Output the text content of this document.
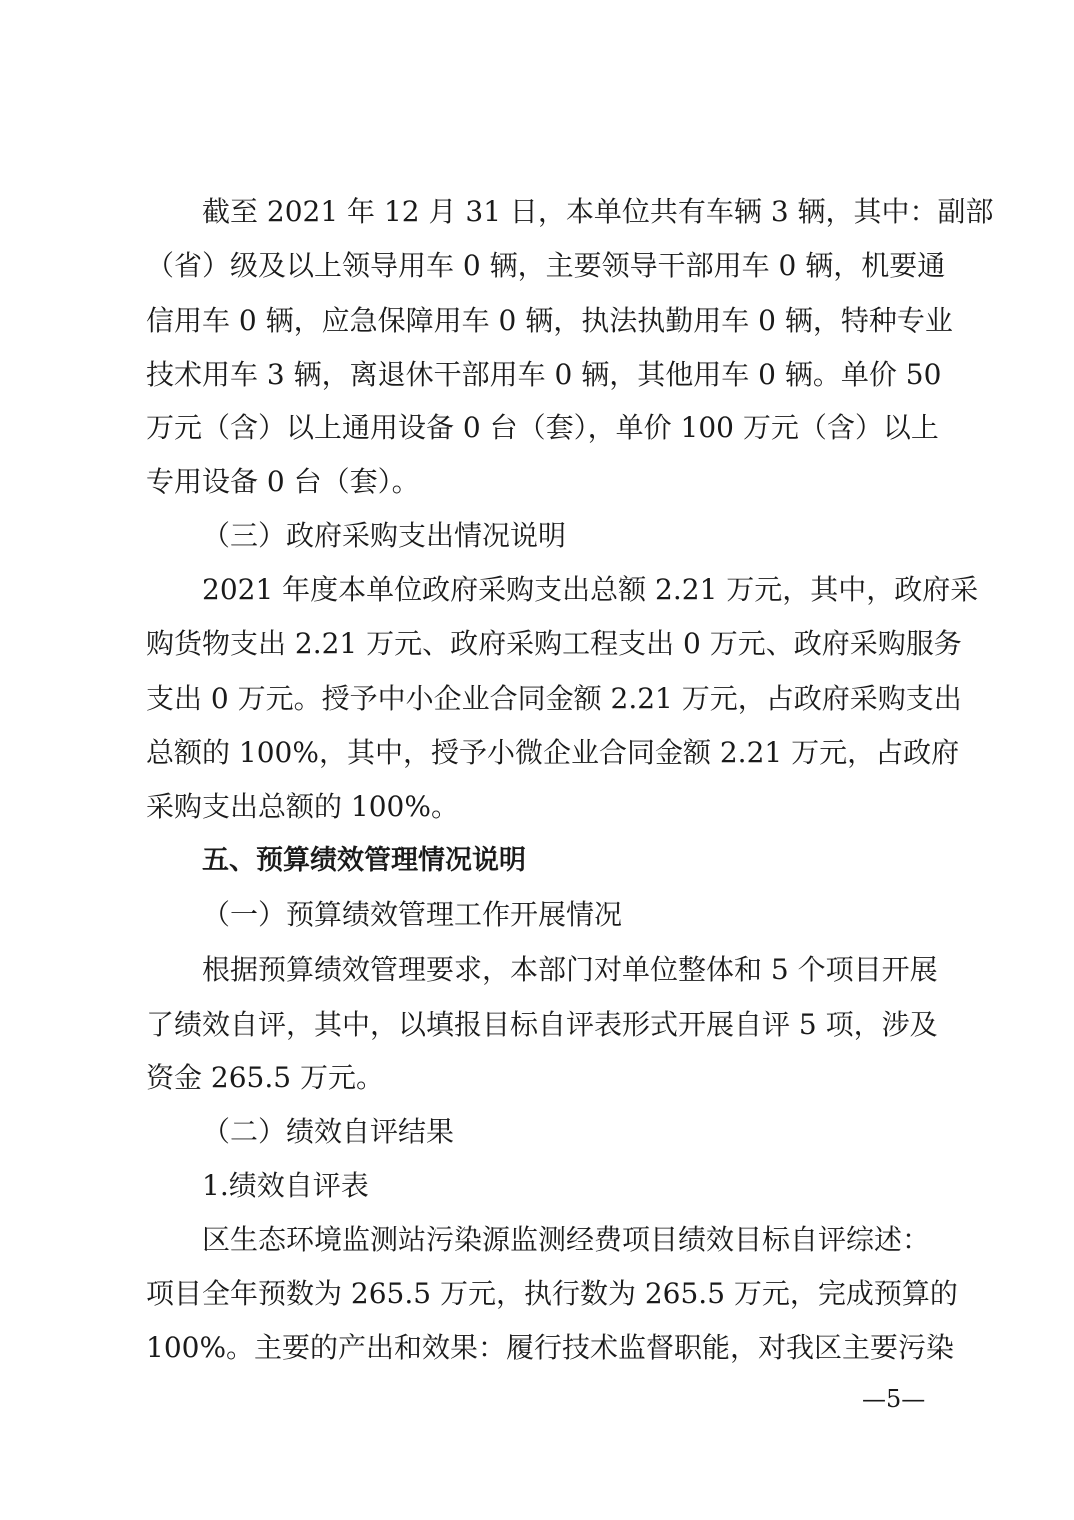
截至 2021 年 12 月 31 日，本单位共有车辆 3 辆，其中：副部
（省）级及以上领导用车 0 辆，主要领导干部用车 0 辆，机要通
信用车 0 辆，应急保障用车 0 辆，执法执勤用车 0 辆，特种专业
技术用车 3 辆，离退休干部用车 0 辆，其他用车 0 辆。单价 50
万元（含）以上通用设备 0 台（套），单价 100 万元（含）以上
专用设备 0 台（套）。
（三）政府采购支出情况说明
2021 年度本单位政府采购支出总额 2.21 万元，其中，政府采
购货物支出 2.21 万元、政府采购工程支出 0 万元、政府采购服务
支出 0 万元。授予中小企业合同金额 2.21 万元，占政府采购支出
总额的 100%，其中，授予小微企业合同金额 2.21 万元，占政府
采购支出总额的 100%。
五、预算绩效管理情况说明
（一）预算绩效管理工作开展情况
根据预算绩效管理要求，本部门对单位整体和 5 个项目开展
了绩效自评，其中，以填报目标自评表形式开展自评 5 项，涉及
资金 265.5 万元。
（二）绩效自评结果
1.绩效自评表
区生态环境监测站污染源监测经费项目绩效目标自评综述：
项目全年预数为 265.5 万元，执行数为 265.5 万元，完成预算的
100%。主要的产出和效果：履行技术监督职能，对我区主要污染
—5—
